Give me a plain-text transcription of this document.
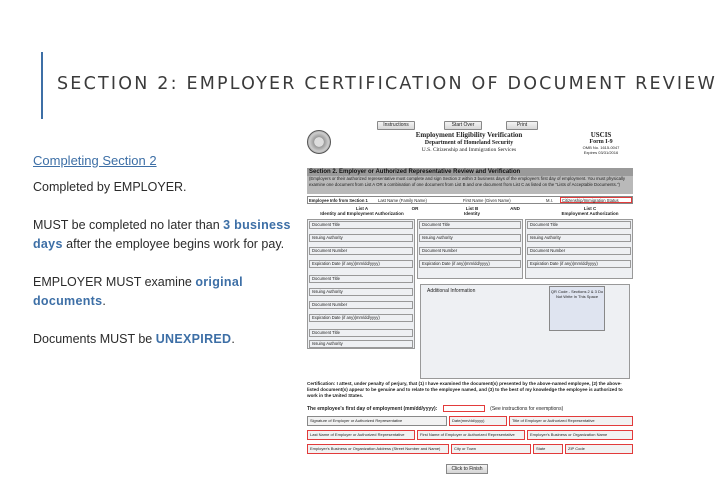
SECTION 2: EMPLOYER CERTIFICATION OF DOCUMENT REVIEW
Completing Section 2

Completed by EMPLOYER.

MUST be completed no later than 3 business days after the employee begins work for pay.

EMPLOYER MUST examine original documents.

Documents MUST be UNEXPIRED.

Instructions	Start Over	Print
Employment Eligibility Verification
Department of Homeland Security
U.S. Citizenship and Immigration Services
USCIS
Form I-9
OMB No. 1615-0047
Expires 03/31/2016
Section 2. Employer or Authorized Representative Review and Verification
(Employers or their authorized representative must complete and sign Section 2 within 3 business days of the employee's first day of employment. You must physically examine one document from List A OR a combination of one document from List B and one document from List C as listed on the "Lists of Acceptable Documents.")
Employee Info from Section 1 Last Name (Family Name)	First Name (Given Name)	M.I.	Citizenship/Immigration Status
List A
Identity and Employment Authorization
OR	List B
Identity
AND	List C
Employment Authorization
Document Title
Issuing Authority
Document Number
Expiration Date (if any)(mm/dd/yyyy)
Document Title
Issuing Authority
Document Number
Expiration Date (if any)(mm/dd/yyyy)
Document Title
Issuing Authority
Document Title
Issuing Authority
Document Number
Expiration Date (if any)(mm/dd/yyyy)
Document Title
Issuing Authority
Document Number
Expiration Date (if any)(mm/dd/yyyy)
Additional Information	QR Code - Sections 2 & 3 Do Not Write In This Space
Certification: I attest, under penalty of perjury, that (1) I have examined the document(s) presented by the above-named employee, (2) the above-listed document(s) appear to be genuine and to relate to the employee named, and (3) to the best of my knowledge the employee is authorized to work in the United States.
The employee's first day of employment (mm/dd/yyyy):	(See instructions for exemptions)
Signature of Employer or Authorized Representative	Date(mm/dd/yyyy)	Title of Employer or Authorized Representative
Last Name of Employer or Authorized Representative	First Name of Employer or Authorized Representative	Employer's Business or Organization Name
Employer's Business or Organization Address (Street Number and Name)	City or Town	State	ZIP Code
Click to Finish
